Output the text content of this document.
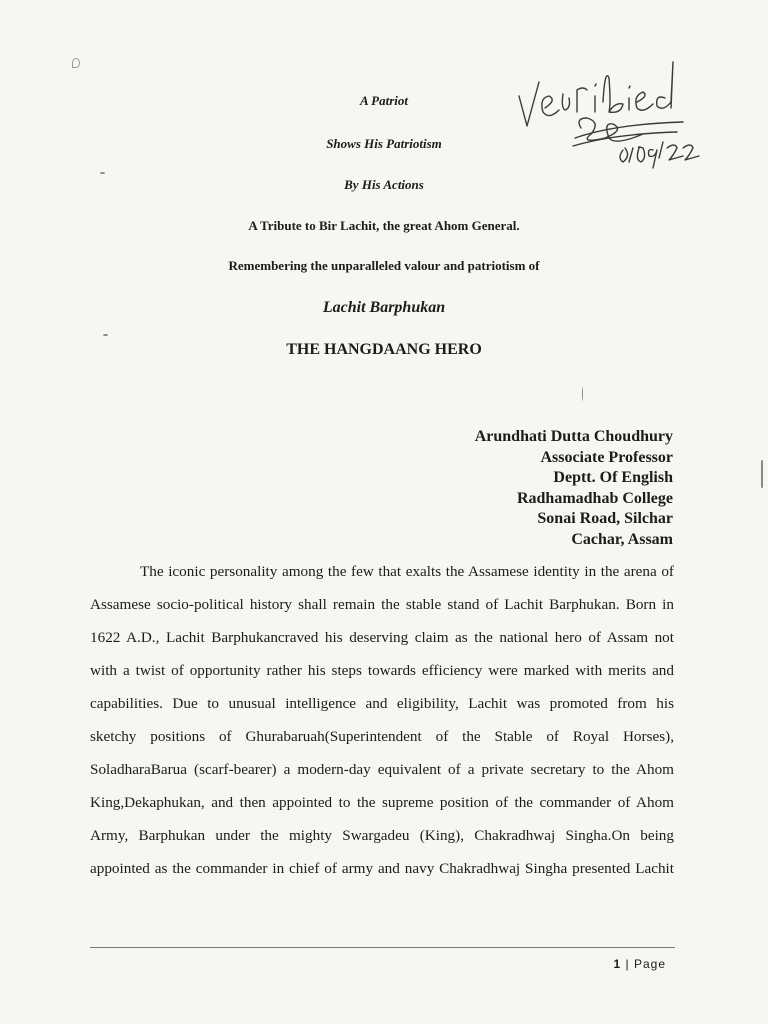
A Patriot
Shows His Patriotism
By His Actions
A Tribute to Bir Lachit, the great Ahom General.
Remembering the unparalleled valour and patriotism of
Lachit Barphukan
THE HANGDAANG HERO
Arundhati Dutta Choudhury
Associate Professor
Deptt. Of English
Radhamadhab College
Sonai Road, Silchar
Cachar, Assam
The iconic personality among the few that exalts the Assamese identity in the arena of
Assamese socio-political history shall remain the stable stand of Lachit Barphukan. Born in
1622 A.D., Lachit Barphukancraved his deserving claim as the national hero of Assam not
with a twist of opportunity rather his steps towards efficiency were marked with merits and
capabilities. Due to unusual intelligence and eligibility, Lachit was promoted from his
sketchy positions of Ghurabaruah(Superintendent of the Stable of Royal Horses),
SoladharaBarua (scarf-bearer) a modern-day equivalent of a private secretary to the Ahom
King,Dekaphukan, and then appointed to the supreme position of the commander of Ahom
Army, Barphukan under the mighty Swargadeu (King), Chakradhwaj Singha.On being
appointed as the commander in chief of army and navy Chakradhwaj Singha presented Lachit
1 | Page
